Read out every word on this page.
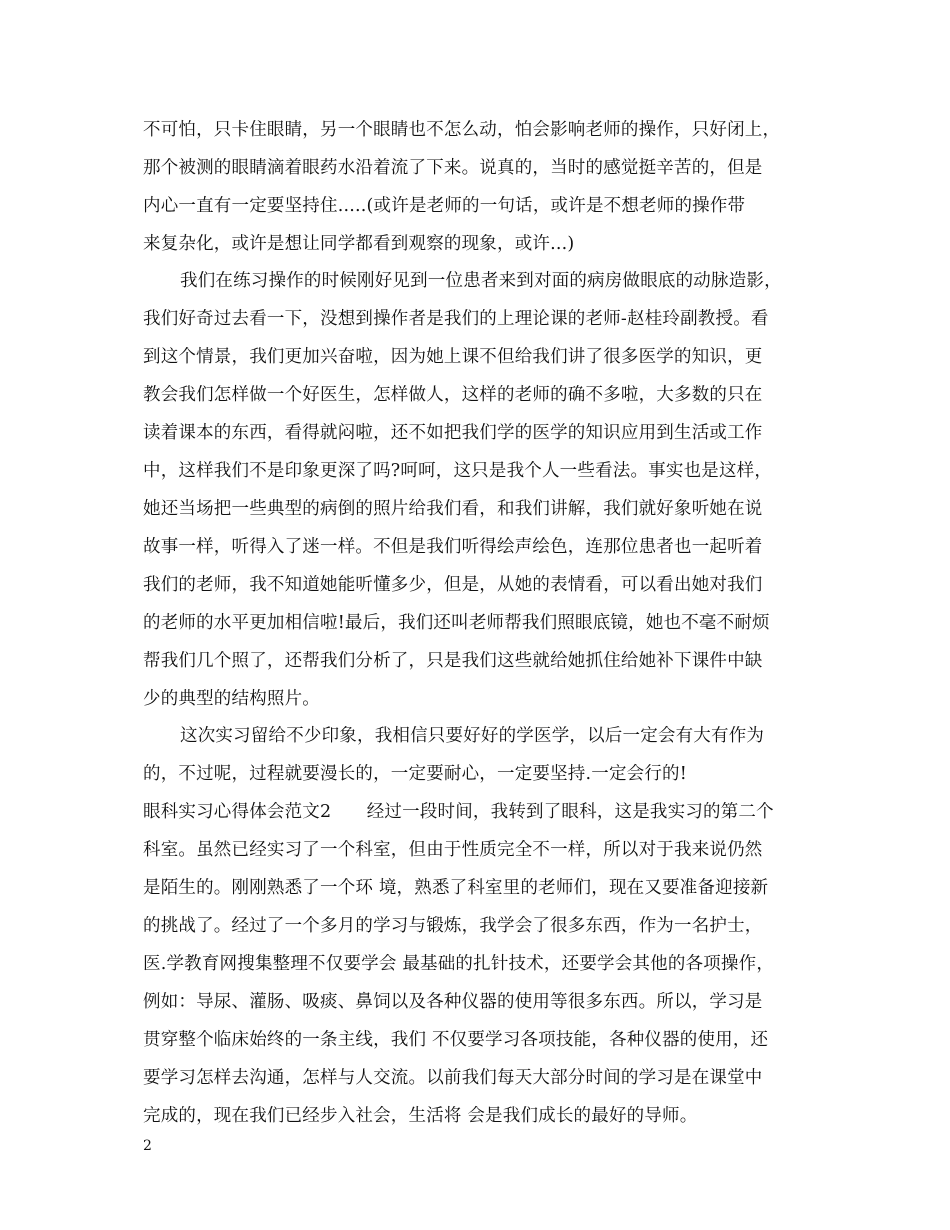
不可怕，只卡住眼睛，另一个眼睛也不怎么动，怕会影响老师的操作，只好闭上，
那个被测的眼睛滴着眼药水沿着流了下来。说真的，当时的感觉挺辛苦的，但是
内心一直有一定要坚持住.....(或许是老师的一句话，或许是不想老师的操作带
来复杂化，或许是想让同学都看到观察的现象，或许...)
我们在练习操作的时候刚好见到一位患者来到对面的病房做眼底的动脉造影，
我们好奇过去看一下，没想到操作者是我们的上理论课的老师-赵桂玲副教授。看
到这个情景，我们更加兴奋啦，因为她上课不但给我们讲了很多医学的知识，更
教会我们怎样做一个好医生，怎样做人，这样的老师的确不多啦，大多数的只在
读着课本的东西，看得就闷啦，还不如把我们学的医学的知识应用到生活或工作
中，这样我们不是印象更深了吗?呵呵，这只是我个人一些看法。事实也是这样，
她还当场把一些典型的病倒的照片给我们看，和我们讲解，我们就好象听她在说
故事一样，听得入了迷一样。不但是我们听得绘声绘色，连那位患者也一起听着
我们的老师，我不知道她能听懂多少，但是，从她的表情看，可以看出她对我们
的老师的水平更加相信啦!最后，我们还叫老师帮我们照眼底镜，她也不毫不耐烦
帮我们几个照了，还帮我们分析了，只是我们这些就给她抓住给她补下课件中缺
少的典型的结构照片。
这次实习留给不少印象，我相信只要好好的学医学，以后一定会有大有作为
的，不过呢，过程就要漫长的，一定要耐心，一定要坚持.一定会行的!
眼科实习心得体会范文2　　经过一段时间，我转到了眼科，这是我实习的第二个
科室。虽然已经实习了一个科室，但由于性质完全不一样，所以对于我来说仍然
是陌生的。刚刚熟悉了一个环 境，熟悉了科室里的老师们，现在又要准备迎接新
的挑战了。经过了一个多月的学习与锻炼，我学会了很多东西，作为一名护士，
医.学教育网搜集整理不仅要学会 最基础的扎针技术，还要学会其他的各项操作，
例如：导尿、灌肠、吸痰、鼻饲以及各种仪器的使用等很多东西。所以，学习是
贯穿整个临床始终的一条主线，我们 不仅要学习各项技能，各种仪器的使用，还
要学习怎样去沟通，怎样与人交流。以前我们每天大部分时间的学习是在课堂中
完成的，现在我们已经步入社会，生活将 会是我们成长的最好的导师。
2
